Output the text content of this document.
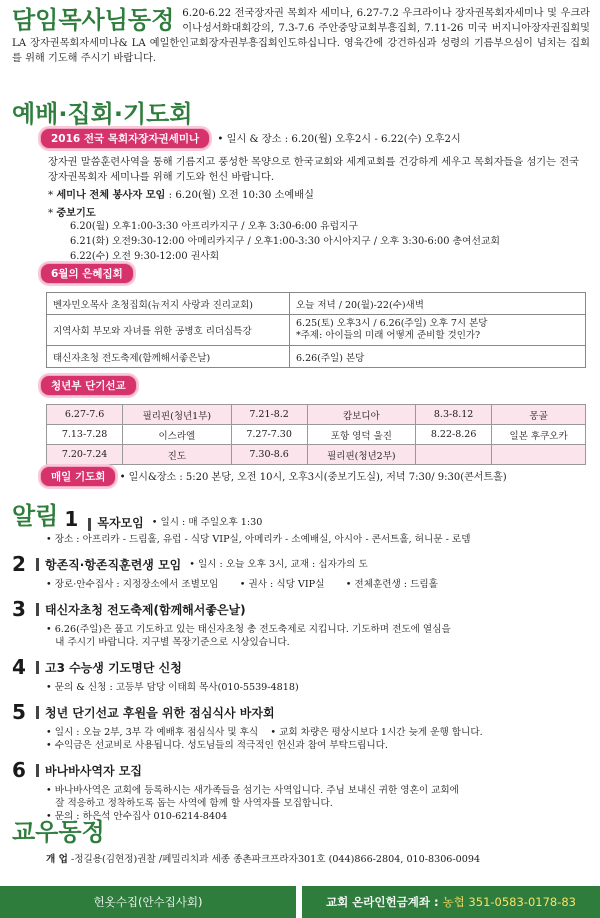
담임목사님동정 6.20-6.22 전국장자권 목회자 세미나, 6.27-7.2 우크라이나 장자권목회자세미나 및 우크라이나성서화대회강의, 7.3-7.6 주안중앙교회부흥집회, 7.11-26 미국 버지니아장자권집회및 LA 장자권목회자세미나& LA 예일한인교회장자권부흥집회인도하십니다. 영육간에 강건하심과 성령의 기름부으심이 넘치는 집회를 위해 기도해 주시기 바랍니다.
예배·집회·기도회
2016 전국 목회자장자권세미나 • 일시 & 장소 : 6.20(월) 오후2시 - 6.22(수) 오후2시
장자권 말씀훈련사역을 통해 기름지고 풍성한 목양으로 한국교회와 세계교회를 건강하게 세우고 목회자들을 섬기는 전국장자권목회자 세미나를 위해 기도와 헌신 바랍니다.
* 세미나 전체 봉사자 모임 : 6.20(월) 오전 10:30 소예배실
* 중보기도
6.20(월) 오후1:00-3:30 아프리카지구 / 오후 3:30-6:00 유럽지구
6.21(화) 오전9:30-12:00 아메리카지구 / 오후1:00-3:30 아시아지구 / 오후 3:30-6:00 총여선교회
6.22(수) 오전 9:30-12:00 권사회
6월의 은혜집회
벤자민오목사 초청집회(뉴저지 사랑과 진리교회)	오늘 저녁 / 20(월)-22(수)새벽
지역사회 부모와 자녀를 위한 공병호 리더십특강	6.25(토) 오후3시 / 6.26(주일) 오후 7시 본당
*주제: 아이들의 미래 어떻게 준비할 것인가?
태신자초청 전도축제(함께해서좋은날)	6.26(주일) 본당
청년부 단기선교
6.27-7.6	필리핀(청년1부)	7.21-8.2	캄보디아	8.3-8.12	몽골
7.13-7.28	이스라엘	7.27-7.30	포항 영덕 울진	8.22-8.26	일본 후쿠오카
7.20-7.24	진도	7.30-8.6	필리핀(청년2부)		
매일 기도회 • 일시&장소 : 5:20 본당, 오전 10시, 오후3시(중보기도실), 저녁 7:30/ 9:30(콘서트홀)
알림 1	목자모임 • 일시 : 매 주일오후 1:30
• 장소 : 아프리카 - 드림홀, 유럽 - 식당 VIP실, 아메리카 - 소예배실, 아시아 - 콘서트홀, 허니문 - 로뎀
2	항존직·항존직훈련생 모임 • 일시 : 오늘 오후 3시, 교재 : 십자가의 도
• 장로·안수집사 : 지정장소에서 조별모임       • 권사 : 식당 VIP실       • 전체훈련생 : 드림홀
3	태신자초청 전도축제(함께해서좋은날)
• 6.26(주일)은 품고 기도하고 있는 태신자초청 총 전도축제로 지킵니다. 기도하며 전도에 열심을
내 주시기 바랍니다. 지구별 목장기준으로 시상있습니다.
4	고3 수능생 기도명단 신청
• 문의 & 신청 : 고등부 담당 이태희 목사(010-5539-4818)
5	청년 단기선교 후원을 위한 점심식사 바자회
• 일시 : 오늘 2부, 3부 각 예배후 점심식사 및 후식    • 교회 차량은 평상시보다 1시간 늦게 운행 합니다.
• 수익금은 선교비로 사용됩니다. 성도님들의 적극적인 헌신과 참여 부탁드립니다.
6	바나바사역자 모집
• 바나바사역은 교회에 등록하시는 새가족들을 섬기는 사역입니다. 주님 보내신 귀한 영혼이 교회에
잘 적응하고 정착하도록 돕는 사역에 함께 할 사역자를 모집합니다.
• 문의 : 하은석 안수집사 010-6214-8404
교우동정
개 업 -정길용(김현정)권찰 /페밀리치과 세종 종촌파크프라자301호 (044)866-2804, 010-8306-0094
헌옷수집(안수집사회)	교회 온라인헌금계좌 : 농협 351-0583-0178-83
